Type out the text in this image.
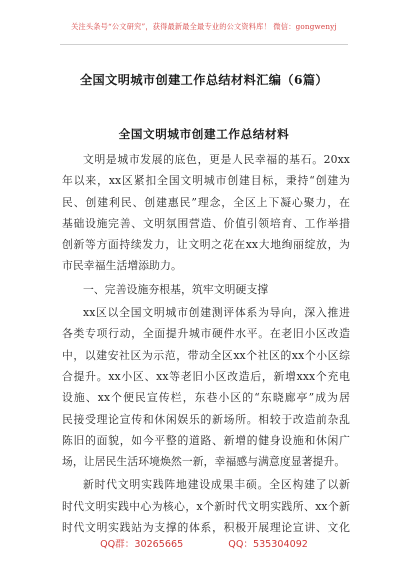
关注头条号“公文研究”，获得最新最全最专业的公文资料库！ 微信：gongwenyj
全国文明城市创建工作总结材料汇编（6篇）
全国文明城市创建工作总结材料
文明是城市发展的底色，更是人民幸福的基石。20xx
年以来，xx区紧扣全国文明城市创建目标，秉持“创建为
民、创建利民、创建惠民”理念，全区上下凝心聚力，在
基础设施完善、文明氛围营造、价值引领培育、工作举措
创新等方面持续发力，让文明之花在xx大地绚丽绽放，为
市民幸福生活增添助力。
一、完善设施夯根基，筑牢文明硬支撑
xx区以全国文明城市创建测评体系为导向，深入推进
各类专项行动，全面提升城市硬件水平。在老旧小区改造
中，以建安社区为示范，带动全区xx个社区的xx个小区综
合提升。xx小区、xx等老旧小区改造后，新增xxx个充电
设施、xx个便民宣传栏，东巷小区的“东晓廊亭”成为居
民接受理论宣传和休闲娱乐的新场所。相较于改造前杂乱
陈旧的面貌，如今平整的道路、新增的健身设施和休闲广
场，让居民生活环境焕然一新，幸福感与满意度显著提升。
新时代文明实践阵地建设成果丰硕。全区构建了以新
时代文明实践中心为核心，x个新时代文明实践所、xx个新
时代文明实践站为支撑的体系，积极开展理论宣讲、文化
QQ群：30265665	QQ：535304092
